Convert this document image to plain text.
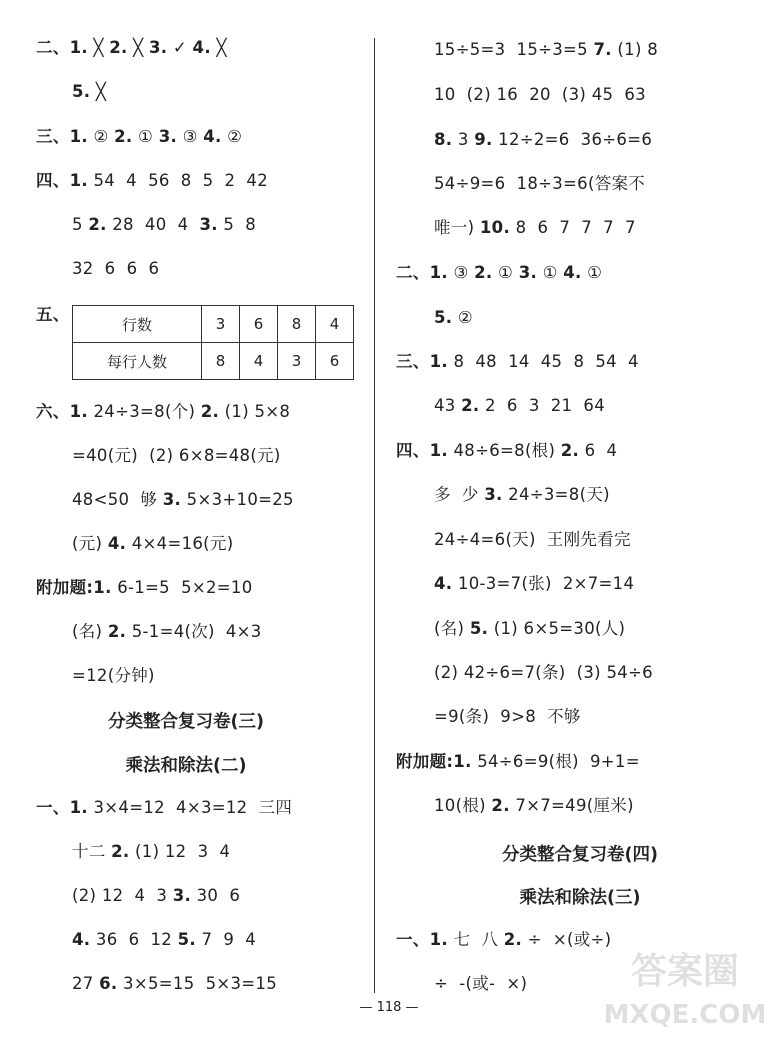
二、1. ╳ 2. ╳ 3. ✓ 4. ╳
5. ╳
三、1. ② 2. ① 3. ③ 4. ②
四、1. 54  4  56  8  5  2  42
5 2. 28  40  4  3. 5  8
32  6  6  6
五、
行数	3	6	8	4
每行人数	8	4	3	6
六、1. 24÷3=8(个) 2. (1) 5×8
=40(元)  (2) 6×8=48(元)
48<50  够 3. 5×3+10=25
(元) 4. 4×4=16(元)
附加题:1. 6-1=5  5×2=10
(名) 2. 5-1=4(次)  4×3
=12(分钟)
分类整合复习卷(三)
乘法和除法(二)
一、1. 3×4=12  4×3=12  三四
十二 2. (1) 12  3  4
(2) 12  4  3 3. 30  6
4. 36  6  12 5. 7  9  4
27 6. 3×5=15  5×3=15
15÷5=3  15÷3=5 7. (1) 8
10  (2) 16  20  (3) 45  63
8. 3 9. 12÷2=6  36÷6=6
54÷9=6  18÷3=6(答案不
唯一) 10. 8  6  7  7  7  7
二、1. ③ 2. ① 3. ① 4. ①
5. ②
三、1. 8  48  14  45  8  54  4
43 2. 2  6  3  21  64
四、1. 48÷6=8(根) 2. 6  4
多  少 3. 24÷3=8(天)
24÷4=6(天)  王刚先看完
4. 10-3=7(张)  2×7=14
(名) 5. (1) 6×5=30(人)
(2) 42÷6=7(条)  (3) 54÷6
=9(条)  9>8  不够
附加题:1. 54÷6=9(根)  9+1=
10(根) 2. 7×7=49(厘米)
分类整合复习卷(四)
乘法和除法(三)
一、1. 七  八 2. ÷  ×(或÷)
÷  -(或-  ×)
— 118 —
答案圈
MXQE.COM
